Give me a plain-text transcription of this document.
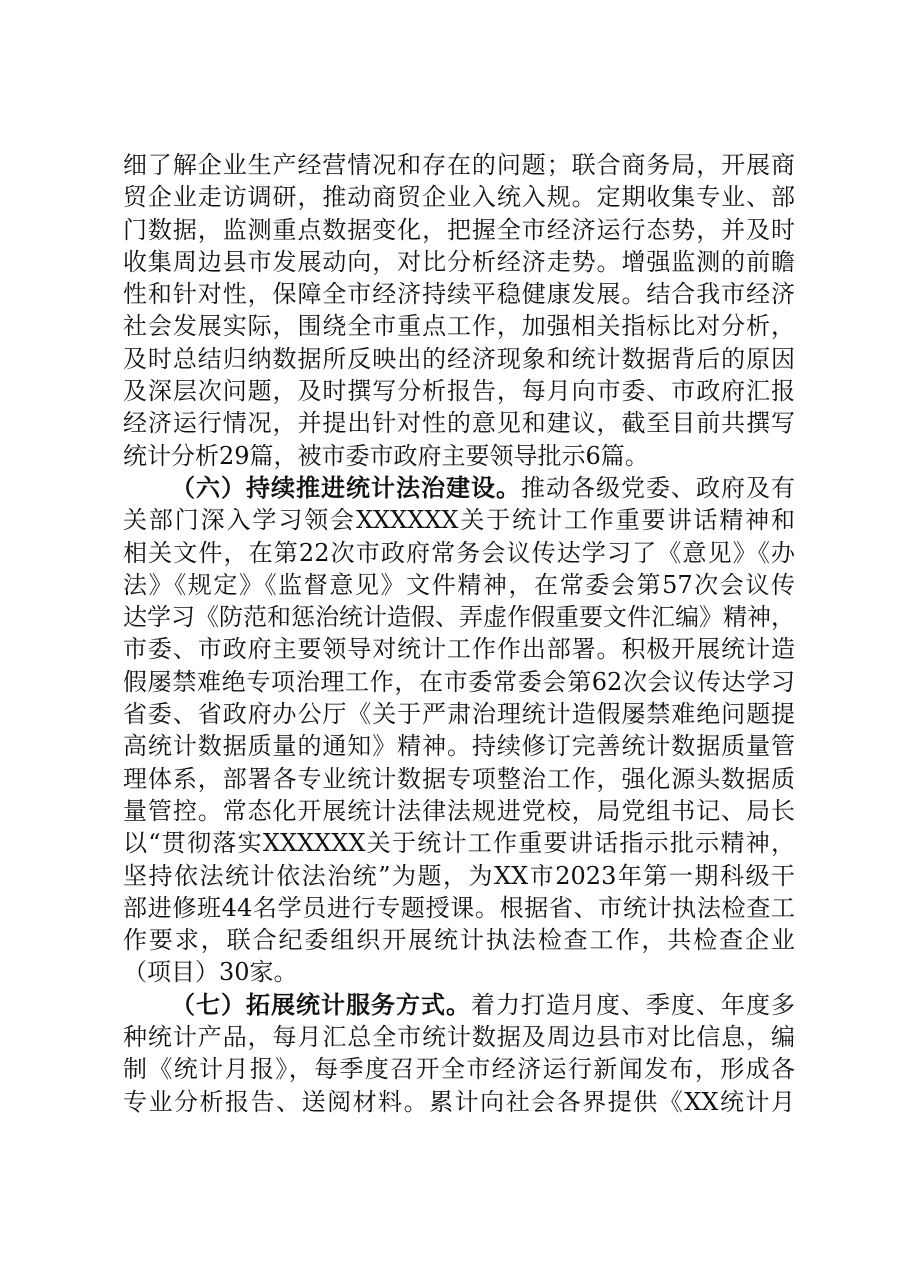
细了解企业生产经营情况和存在的问题；联合商务局，开展商
贸企业走访调研，推动商贸企业入统入规。定期收集专业、部
门数据，监测重点数据变化，把握全市经济运行态势，并及时
收集周边县市发展动向，对比分析经济走势。增强监测的前瞻
性和针对性，保障全市经济持续平稳健康发展。结合我市经济
社会发展实际，围绕全市重点工作，加强相关指标比对分析，
及时总结归纳数据所反映出的经济现象和统计数据背后的原因
及深层次问题，及时撰写分析报告，每月向市委、市政府汇报
经济运行情况，并提出针对性的意见和建议，截至目前共撰写
统计分析29篇，被市委市政府主要领导批示6篇。
（六）持续推进统计法治建设。推动各级党委、政府及有
关部门深入学习领会XXXXXX关于统计工作重要讲话精神和
相关文件，在第22次市政府常务会议传达学习了《意见》《办
法》《规定》《监督意见》文件精神，在常委会第57次会议传
达学习《防范和惩治统计造假、弄虚作假重要文件汇编》精神，
市委、市政府主要领导对统计工作作出部署。积极开展统计造
假屡禁难绝专项治理工作，在市委常委会第62次会议传达学习
省委、省政府办公厅《关于严肃治理统计造假屡禁难绝问题提
高统计数据质量的通知》精神。持续修订完善统计数据质量管
理体系，部署各专业统计数据专项整治工作，强化源头数据质
量管控。常态化开展统计法律法规进党校，局党组书记、局长
以“贯彻落实XXXXXX关于统计工作重要讲话指示批示精神，
坚持依法统计依法治统”为题，为XX市2023年第一期科级干
部进修班44名学员进行专题授课。根据省、市统计执法检查工
作要求，联合纪委组织开展统计执法检查工作，共检查企业
（项目）30家。
（七）拓展统计服务方式。着力打造月度、季度、年度多
种统计产品，每月汇总全市统计数据及周边县市对比信息，编
制《统计月报》，每季度召开全市经济运行新闻发布，形成各
专业分析报告、送阅材料。累计向社会各界提供《XX统计月
